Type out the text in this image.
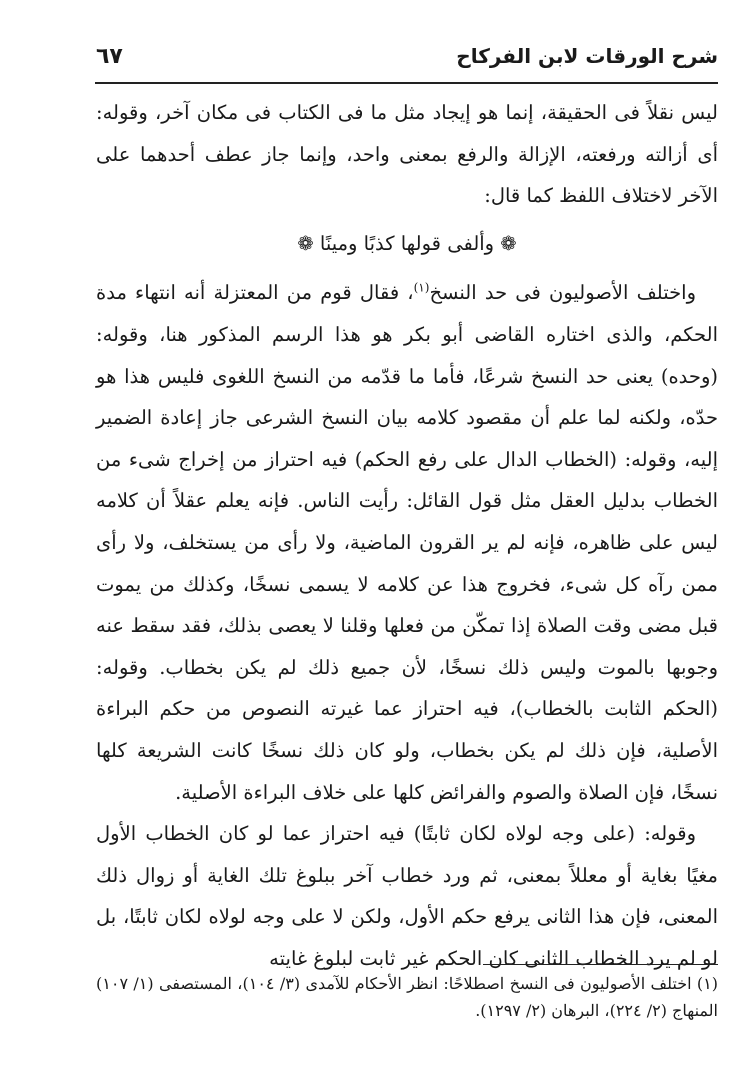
٦٧	شرح الورقات لابن الفركاح

ليس نقلاً فى الحقيقة، إنما هو إيجاد مثل ما فى الكتاب فى مكان آخر، وقوله: أى أزالته ورفعته، الإزالة والرفع بمعنى واحد، وإنما جاز عطف أحدهما على الآخر لاختلاف اللفظ كما قال:

❁ وألفى قولها كذبًا ومينًا ❁

واختلف الأصوليون فى حد النسخ$^{(١)}$، فقال قوم من المعتزلة أنه انتهاء مدة الحكم، والذى اختاره القاضى أبو بكر هو هذا الرسم المذكور هنا، وقوله: (وحده) يعنى حد النسخ شرعًا، فأما ما قدّمه من النسخ اللغوى فليس هذا هو حدّه، ولكنه لما علم أن مقصود كلامه بيان النسخ الشرعى جاز إعادة الضمير إليه، وقوله: (الخطاب الدال على رفع الحكم) فيه احتراز من إخراج شىء من الخطاب بدليل العقل مثل قول القائل: رأيت الناس. فإنه يعلم عقلاً أن كلامه ليس على ظاهره، فإنه لم ير القرون الماضية، ولا رأى من يستخلف، ولا رأى ممن رآه كل شىء، فخروج هذا عن كلامه لا يسمى نسخًا، وكذلك من يموت قبل مضى وقت الصلاة إذا تمكّن من فعلها وقلنا لا يعصى بذلك، فقد سقط عنه وجوبها بالموت وليس ذلك نسخًا، لأن جميع ذلك لم يكن بخطاب. وقوله: (الحكم الثابت بالخطاب)، فيه احتراز عما غيرته النصوص من حكم البراءة الأصلية، فإن ذلك لم يكن بخطاب، ولو كان ذلك نسخًا كانت الشريعة كلها نسخًا، فإن الصلاة والصوم والفرائض كلها على خلاف البراءة الأصلية.

وقوله: (على وجه لولاه لكان ثابتًا) فيه احتراز عما لو كان الخطاب الأول مغيًا بغاية أو معللاً بمعنى، ثم ورد خطاب آخر ببلوغ تلك الغاية أو زوال ذلك المعنى، فإن هذا الثانى يرفع حكم الأول، ولكن لا على وجه لولاه لكان ثابتًا، بل لو لم يرد الخطاب الثانى كان الحكم غير ثابت لبلوغ غايته

(١) اختلف الأصوليون فى النسخ اصطلاحًا: انظر الأحكام للآمدى (٣/ ١٠٤)، المستصفى (١/ ١٠٧) المنهاج (٢/ ٢٢٤)، البرهان (٢/ ١٢٩٧).
